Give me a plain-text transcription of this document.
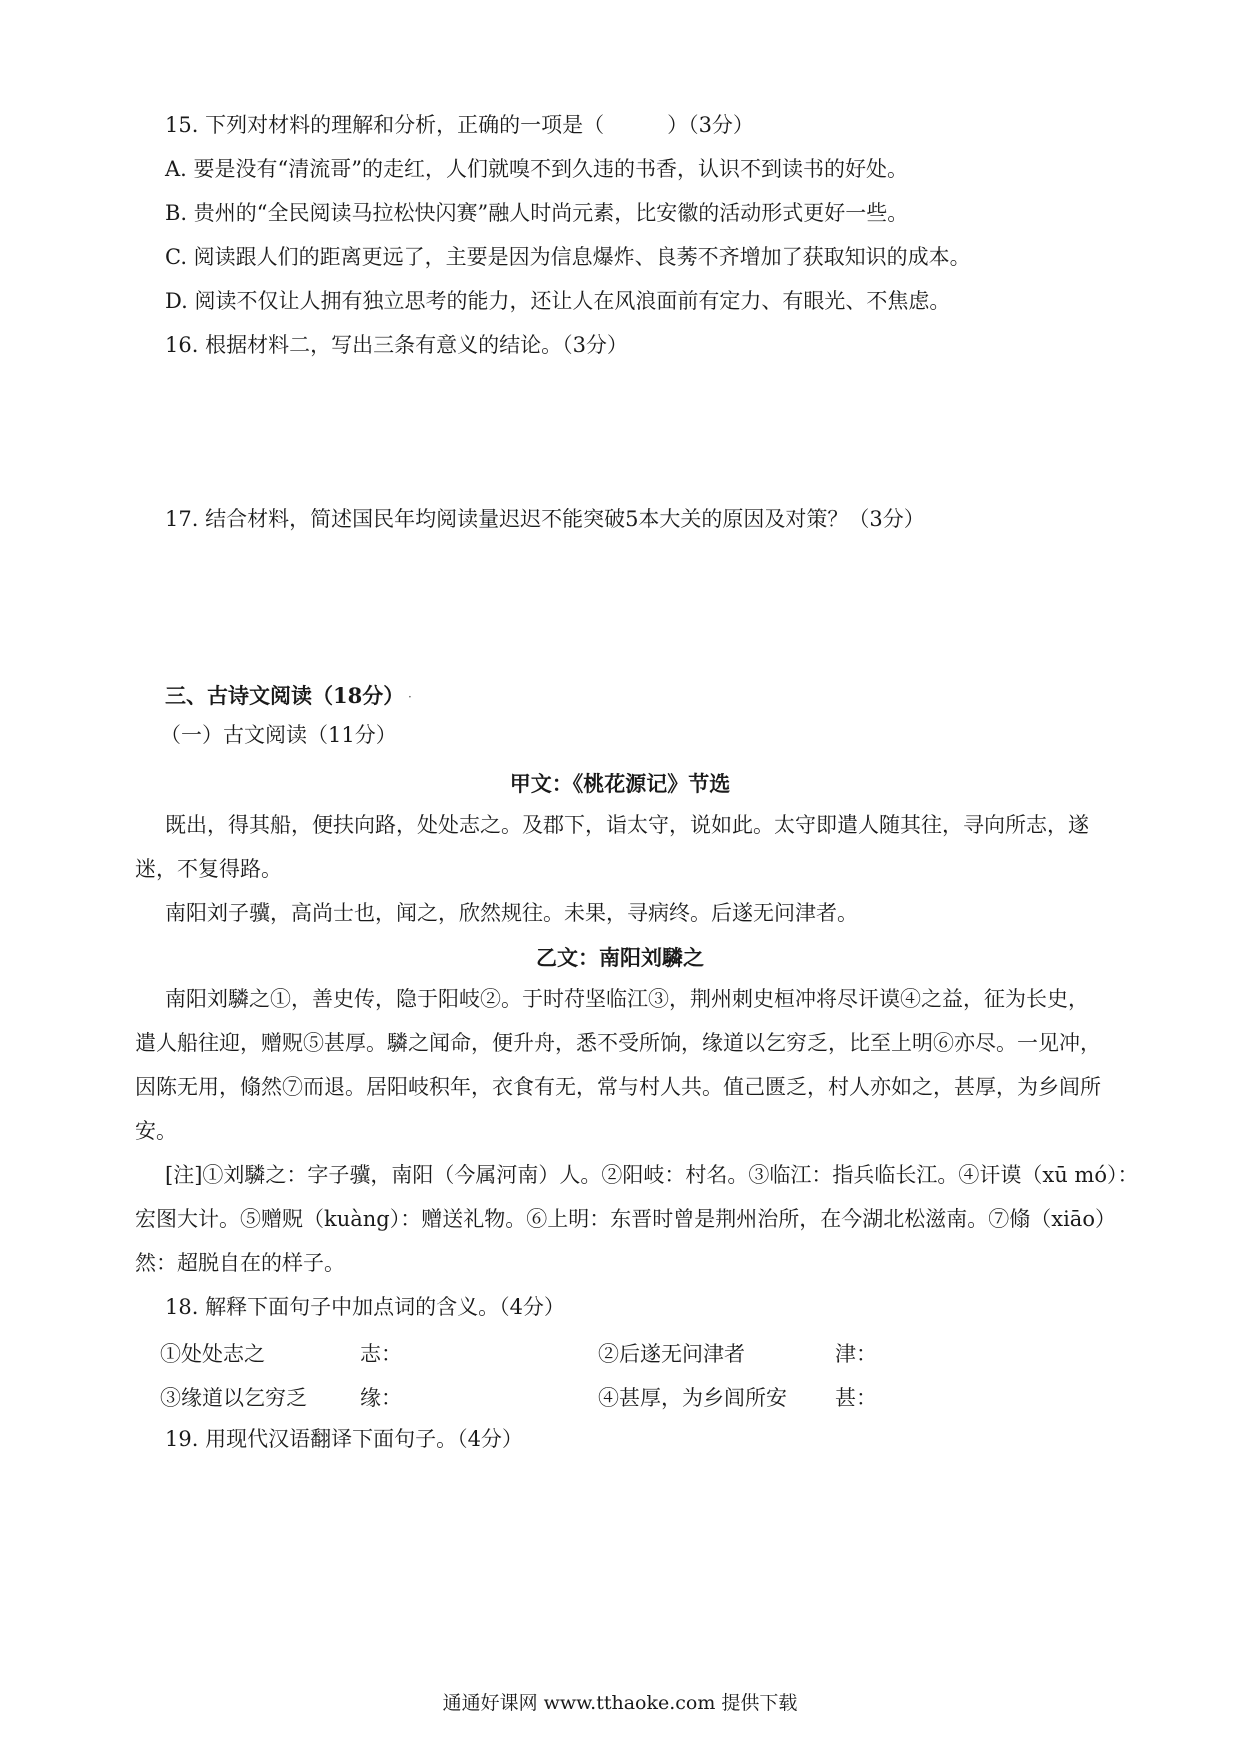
15. 下列对材料的理解和分析，正确的一项是（　　　）（3分）
A. 要是没有“清流哥”的走红，人们就嗅不到久违的书香，认识不到读书的好处。
B. 贵州的“全民阅读马拉松快闪赛”融人时尚元素，比安徽的活动形式更好一些。
C. 阅读跟人们的距离更远了，主要是因为信息爆炸、良莠不齐增加了获取知识的成本。
D. 阅读不仅让人拥有独立思考的能力，还让人在风浪面前有定力、有眼光、不焦虑。
16. 根据材料二，写出三条有意义的结论。（3分）
17. 结合材料，简述国民年均阅读量迟迟不能突破5本大关的原因及对策？（3分）
三、古诗文阅读（18分） ·
（一）古文阅读（11分）
甲文：《桃花源记》节选
既出，得其船，便扶向路，处处志之。及郡下，诣太守，说如此。太守即遣人随其往，寻向所志，遂
迷，不复得路。
南阳刘子骥，高尚士也，闻之，欣然规往。未果，寻病终。后遂无问津者。
乙文：南阳刘驎之
南阳刘驎之①，善史传，隐于阳岐②。于时苻坚临江③，荆州刺史桓冲将尽讦谟④之益，征为长史，
遣人船往迎，赠贶⑤甚厚。驎之闻命，便升舟，悉不受所饷，缘道以乞穷乏，比至上明⑥亦尽。一见冲，
因陈无用，翛然⑦而退。居阳岐积年，衣食有无，常与村人共。值己匮乏，村人亦如之，甚厚，为乡闾所
安。
[注]①刘驎之：字子骥，南阳（今属河南）人。②阳岐：村名。③临江：指兵临长江。④讦谟（xū mó）：
宏图大计。⑤赠贶（kuàng）：赠送礼物。⑥上明：东晋时曾是荆州治所，在今湖北松滋南。⑦翛（xiāo）
然：超脱自在的样子。
18. 解释下面句子中加点词的含义。（4分）
①处处志之	志：	②后遂无问津者	津：
③缘道以乞穷乏	缘：	④甚厚，为乡闾所安 甚：
19. 用现代汉语翻译下面句子。（4分）
通通好课网 www.tthaoke.com 提供下载
